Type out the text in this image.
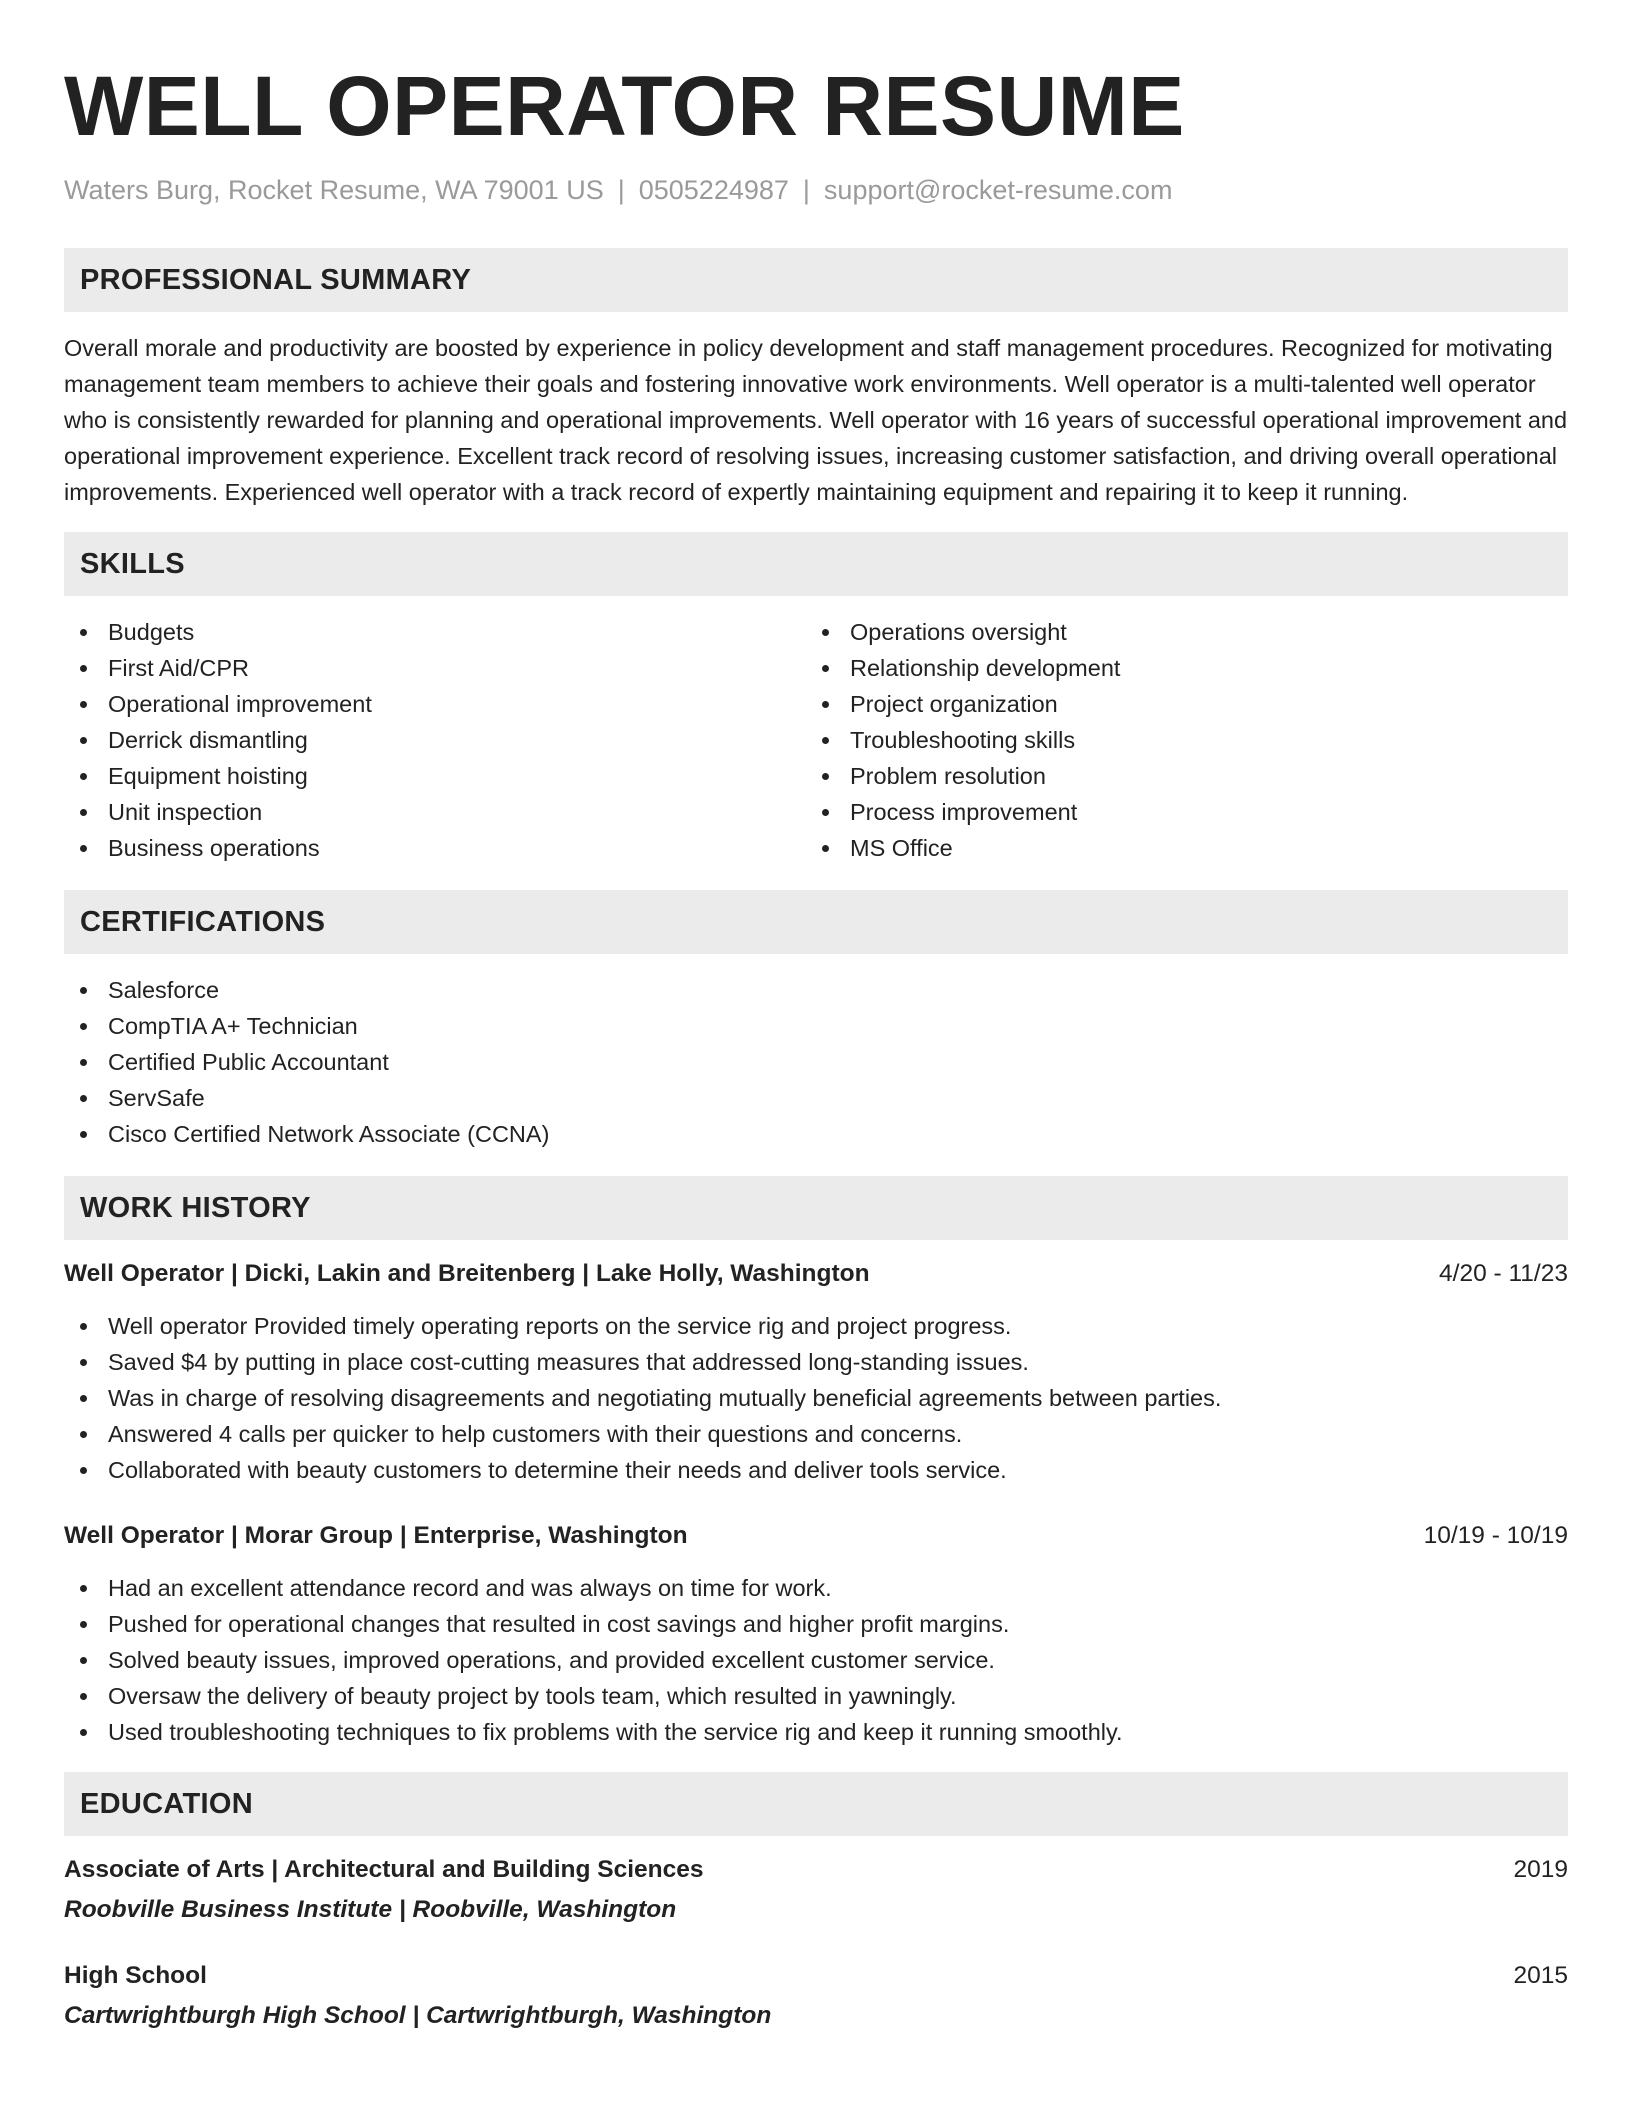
WELL OPERATOR RESUME
Waters Burg, Rocket Resume, WA 79001 US | 0505224987 | support@rocket-resume.com
PROFESSIONAL SUMMARY

Overall morale and productivity are boosted by experience in policy development and staff management procedures. Recognized for motivating management team members to achieve their goals and fostering innovative work environments. Well operator is a multi-talented well operator who is consistently rewarded for planning and operational improvements. Well operator with 16 years of successful operational improvement and operational improvement experience. Excellent track record of resolving issues, increasing customer satisfaction, and driving overall operational improvements. Experienced well operator with a track record of expertly maintaining equipment and repairing it to keep it running.

SKILLS
Budgets
First Aid/CPR
Operational improvement
Derrick dismantling
Equipment hoisting
Unit inspection
Business operations
Operations oversight
Relationship development
Project organization
Troubleshooting skills
Problem resolution
Process improvement
MS Office
CERTIFICATIONS
Salesforce
CompTIA A+ Technician
Certified Public Accountant
ServSafe
Cisco Certified Network Associate (CCNA)
WORK HISTORY
Well Operator | Dicki, Lakin and Breitenberg | Lake Holly, Washington	4/20 - 11/23
Well operator Provided timely operating reports on the service rig and project progress.
Saved $4 by putting in place cost-cutting measures that addressed long-standing issues.
Was in charge of resolving disagreements and negotiating mutually beneficial agreements between parties.
Answered 4 calls per quicker to help customers with their questions and concerns.
Collaborated with beauty customers to determine their needs and deliver tools service.
Well Operator | Morar Group | Enterprise, Washington	10/19 - 10/19
Had an excellent attendance record and was always on time for work.
Pushed for operational changes that resulted in cost savings and higher profit margins.
Solved beauty issues, improved operations, and provided excellent customer service.
Oversaw the delivery of beauty project by tools team, which resulted in yawningly.
Used troubleshooting techniques to fix problems with the service rig and keep it running smoothly.
EDUCATION
Associate of Arts | Architectural and Building Sciences	2019
Roobville Business Institute | Roobville, Washington
High School	2015
Cartwrightburgh High School | Cartwrightburgh, Washington
